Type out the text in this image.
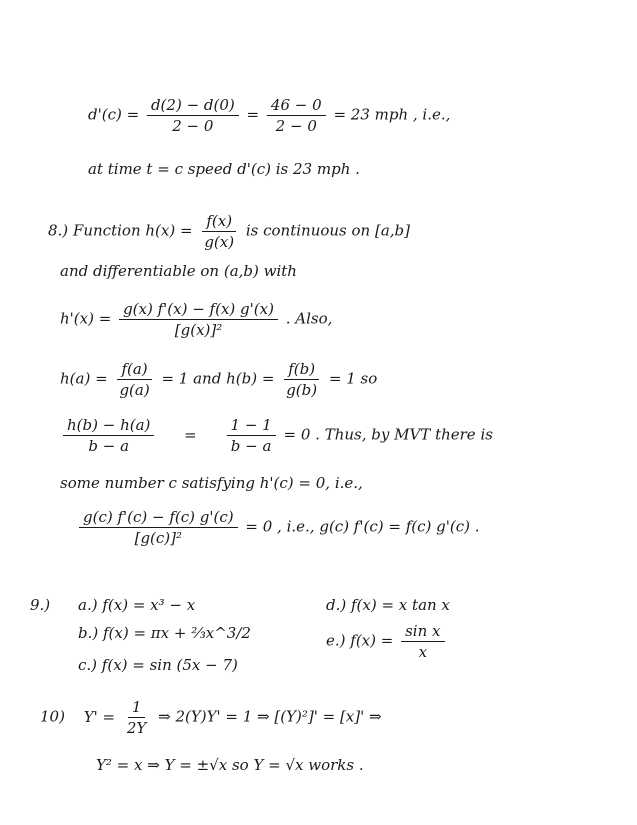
$d'(c) = \frac{d(2) - d(0)}{2 - 0} = \frac{46 - 0}{2 - 0} = 23$ mph , i.e.,
at time t = c speed d'(c) is 23 mph .
8.) Function $h(x) = \frac{f(x)}{g(x)}$ is continuous on [a,b]
and differentiable on (a,b) with
$h'(x) = \frac{g(x) f'(x) - f(x) g'(x)}{\text{[g(x)]²}}$ . Also,
$h(a) = \frac{f(a)}{g(a)} = 1$ and $h(b) = \frac{f(b)}{g(b)} = 1$ so
$\frac{h(b) - h(a)}{b - a} = \frac{1 - 1}{b - a} = 0$ . Thus, by MVT there is
some number c satisfying h'(c) = 0, i.e.,
$\frac{g(c) f'(c) - f(c) g'(c)}{\text{[g(c)]²}} = 0$ , i.e., g(c) f'(c) = f(c) g'(c) .
9.) a.) f(x) = x³ − x
b.) f(x) = πx + ⅔x^3/2
c.) f(x) = sin (5x − 7)
d.) f(x) = x tan x
e.) $f(x) = \frac{\text{sin x}}{x}$
10) $Y' = \frac{1}{2Y}$ ⇒ 2(Y)Y' = 1 ⇒ [(Y)²]' = [x]' ⇒
Y² = x ⇒ Y = ±√x so Y = √x works .
